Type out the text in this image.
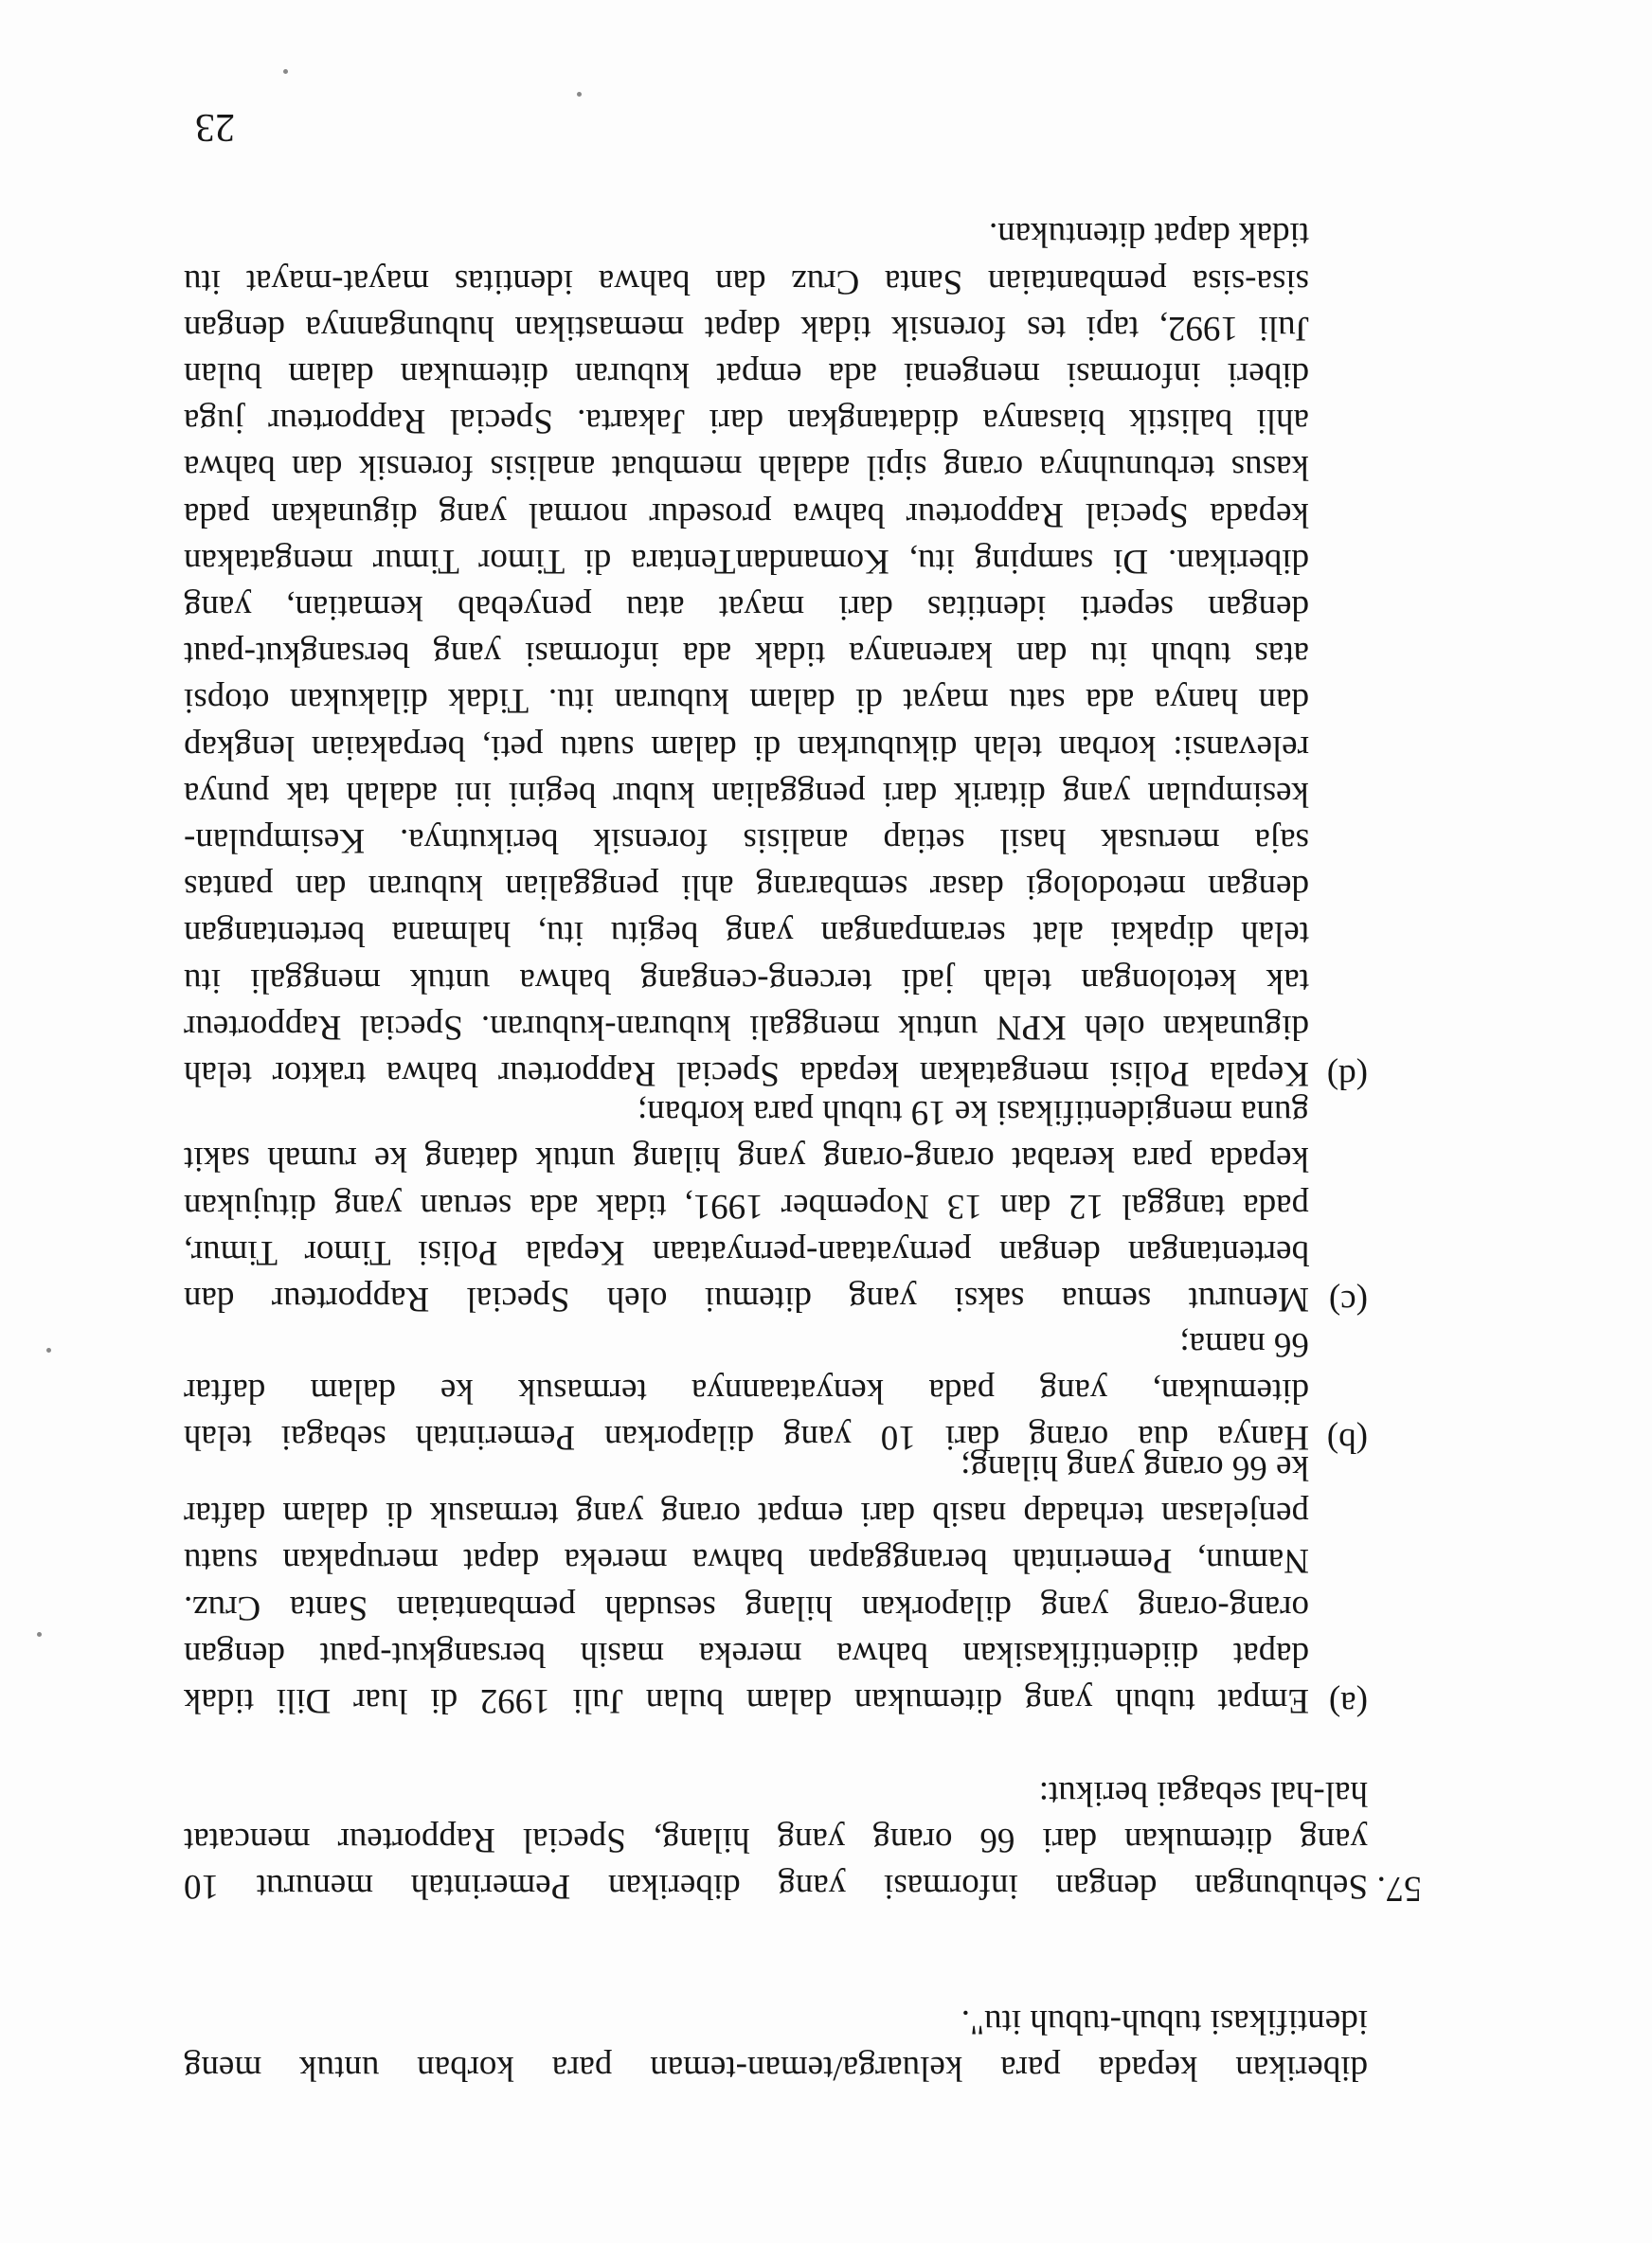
diberikan kepada para keluarga/teman-teman para korban untuk meng
identifikasi tubuh-tubuh itu".
57.
Sehubungan dengan informasi yang diberikan Pemerintah menurut 10
yang ditemukan dari 66 orang yang hilang, Special Rapporteur mencatat
hal-hal sebagai berikut:
(a)
Empat tubuh yang ditemukan dalam bulan Juli 1992 di luar Dili tidak
dapat diidentifikasikan bahwa mereka masih bersangkut-paut dengan
orang-orang yang dilaporkan hilang sesudah pembantaian Santa Cruz.
Namun, Pemerintah beranggapan bahwa mereka dapat merupakan suatu
penjelasan terhadap nasib dari empat orang yang termasuk di dalam daftar
ke 66 orang yang hilang;
(b)
Hanya dua orang dari 10 yang dilaporkan Pemerintah sebagai telah
ditemukan, yang pada kenyataannya termasuk ke dalam daftar
66 nama;
(c)
Menurut semua saksi yang ditemui oleh Special Rapporteur dan
bertentangan dengan pernyataan-pernyataan Kepala Polisi Timor Timur,
pada tanggal 12 dan 13 Nopember 1991, tidak ada seruan yang ditujukan
kepada para kerabat orang-orang yang hilang untuk datang ke rumah sakit
guna mengidentifikasi ke 19 tubuh para korban;
(d)
Kepala Polisi mengatakan kepada Special Rapporteur bahwa traktor telah
digunakan oleh KPN untuk menggali kuburan-kuburan. Special Rapporteur
tak ketolongan telah jadi terceng-cengang bahwa untuk menggali itu
telah dipakai alat serampangan yang begitu itu, halmana bertentangan
dengan metodologi dasar sembarang ahli penggalian kuburan dan pantas
saja merusak hasil setiap analisis forensik berikutnya. Kesimpulan-
kesimpulan yang ditarik dari penggalian kubur begini ini adalah tak punya
relevansi: korban telah dikuburkan di dalam suatu peti, berpakaian lengkap
dan hanya ada satu mayat di dalam kuburan itu. Tidak dilakukan otopsi
atas tubuh itu dan karenanya tidak ada informasi yang bersangkut-paut
dengan seperti identitas dari mayat atau penyebab kematian, yang
diberikan. Di samping itu, KomandanTentara di Timor Timur mengatakan
kepada Special Rapporteur bahwa prosedur normal yang digunakan pada
kasus terbunuhnya orang sipil adalah membuat analisis forensik dan bahwa
ahli balistik biasanya didatangkan dari Jakarta. Special Rapporteur juga
diberi informasi mengenai ada empat kuburan ditemukan dalam bulan
Juli 1992, tapi tes forensik tidak dapat memastikan hubungannya dengan
sisa-sisa pembantaian Santa Cruz dan bahwa identitas mayat-mayat itu
tidak dapat ditentukan.
23
